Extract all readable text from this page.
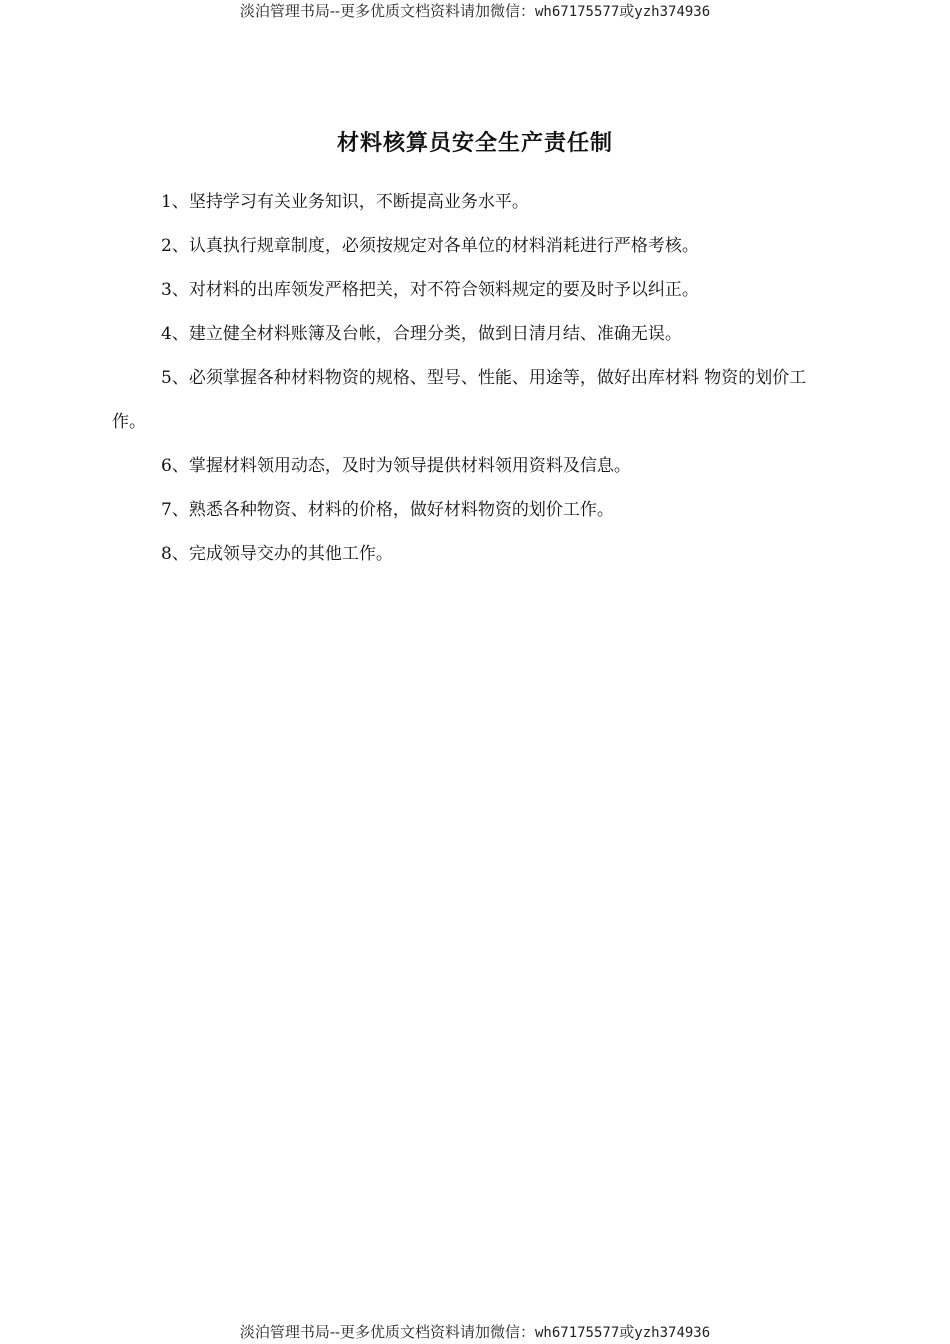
淡泊管理书局--更多优质文档资料请加微信：wh67175577或yzh374936
材料核算员安全生产责任制

1、坚持学习有关业务知识，不断提高业务水平。

2、认真执行规章制度，必须按规定对各单位的材料消耗进行严格考核。

3、对材料的出库领发严格把关，对不符合领料规定的要及时予以纠正。

4、建立健全材料账簿及台帐，合理分类，做到日清月结、准确无误。

5、必须掌握各种材料物资的规格、型号、性能、用途等，做好出库材料 物资的划价工作。

6、掌握材料领用动态，及时为领导提供材料领用资料及信息。

7、熟悉各种物资、材料的价格，做好材料物资的划价工作。

8、完成领导交办的其他工作。

淡泊管理书局--更多优质文档资料请加微信：wh67175577或yzh374936
